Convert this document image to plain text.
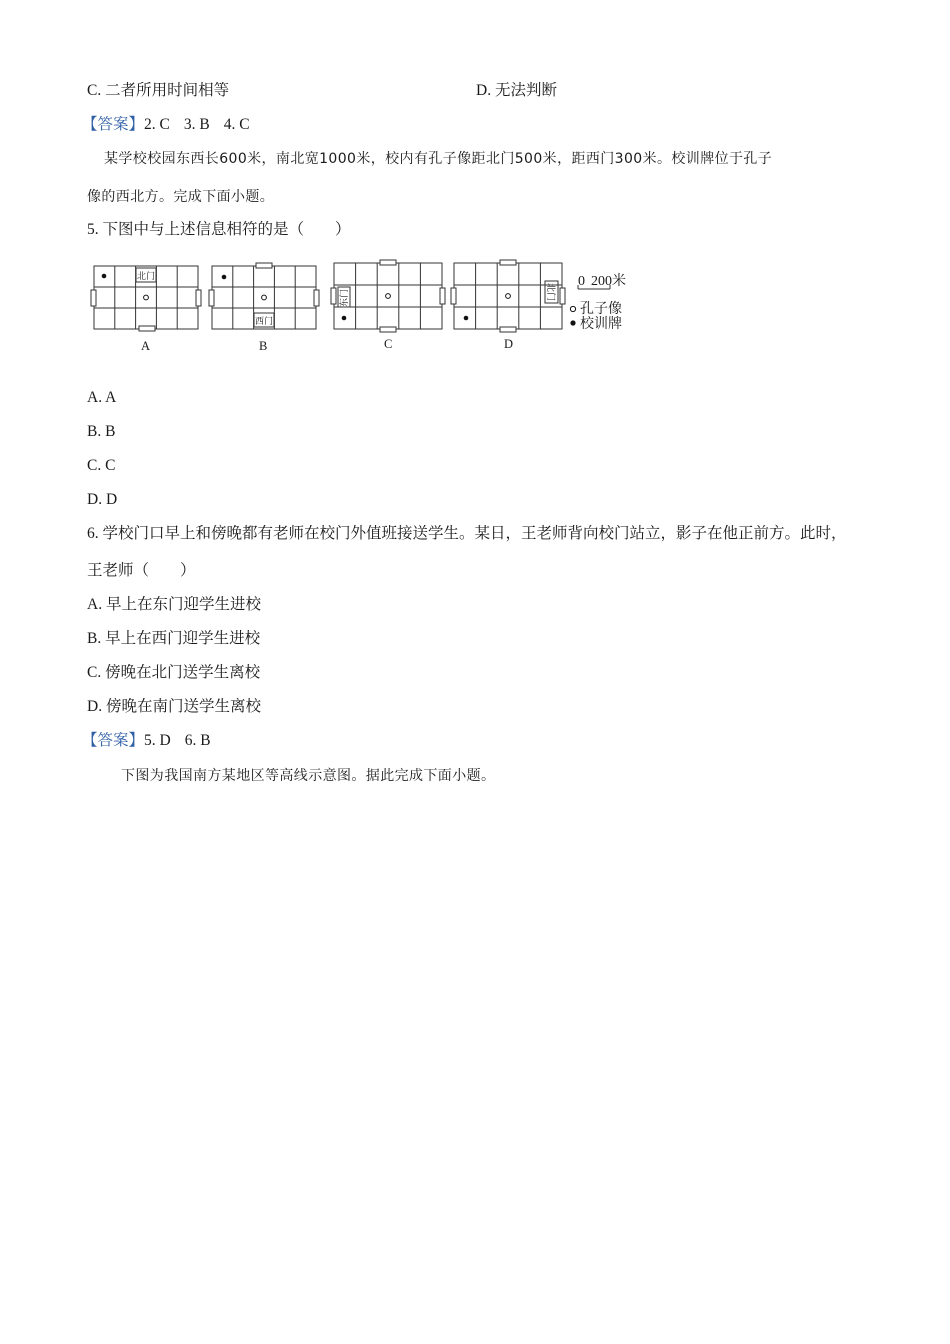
C. 二者所用时间相等	D. 无法判断
【答案】2. C 3. B 4. C
某学校校园东西长600米，南北宽1000米，校内有孔子像距北门500米，距西门300米。校训牌位于孔子
像的西北方。完成下面小题。
5. 下图中与上述信息相符的是（　　）
北门
A
西门
B
东门
C
北门
D
0 200米
孔子像
校训牌
A. A
B. B
C. C
D. D
6. 学校门口早上和傍晚都有老师在校门外值班接送学生。某日，王老师背向校门站立，影子在他正前方。此时，
王老师（　　）
A. 早上在东门迎学生进校
B. 早上在西门迎学生进校
C. 傍晚在北门送学生离校
D. 傍晚在南门送学生离校
【答案】5. D 6. B
下图为我国南方某地区等高线示意图。据此完成下面小题。
